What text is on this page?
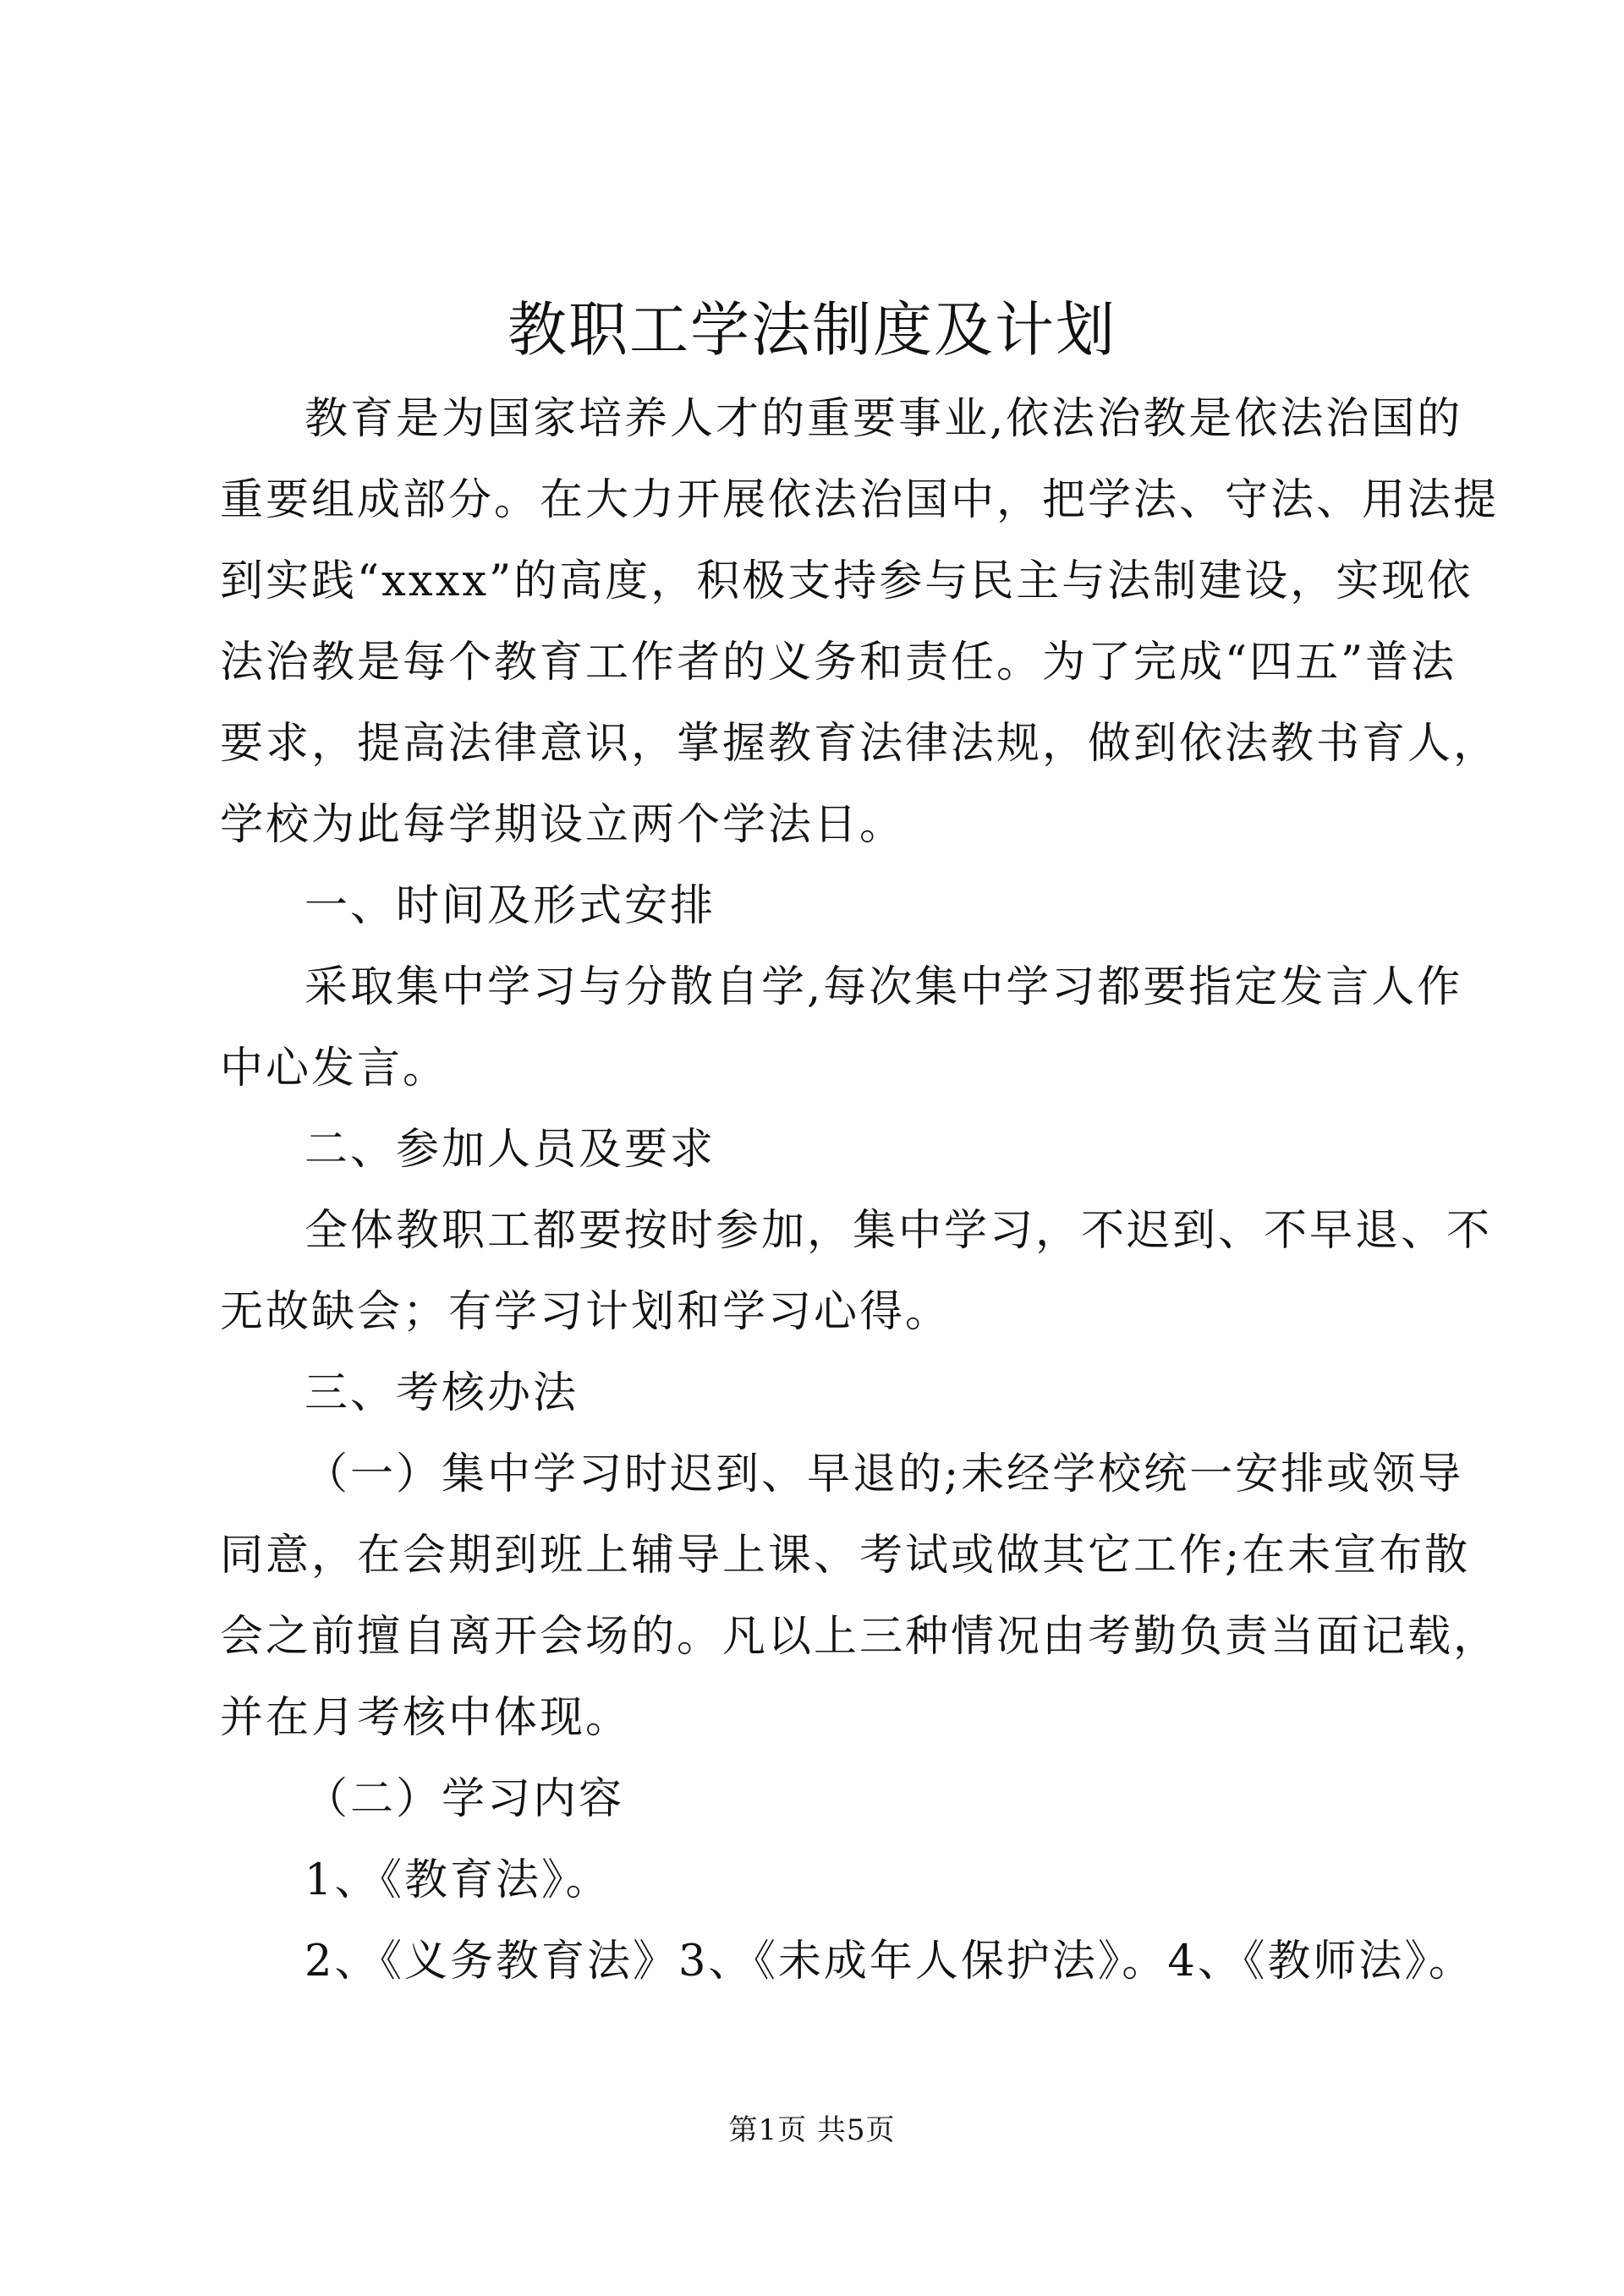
教职工学法制度及计划
教育是为国家培养人才的重要事业,依法治教是依法治国的
重要组成部分。在大力开展依法治国中，把学法、守法、用法提
到实践“xxxx”的高度，积极支持参与民主与法制建设，实现依
法治教是每个教育工作者的义务和责任。为了完成“四五”普法
要求，提高法律意识，掌握教育法律法规，做到依法教书育人，
学校为此每学期设立两个学法日。
一、时间及形式安排
采取集中学习与分散自学,每次集中学习都要指定发言人作
中心发言。
二、参加人员及要求
全体教职工都要按时参加，集中学习，不迟到、不早退、不
无故缺会；有学习计划和学习心得。
三、考核办法
（一）集中学习时迟到、早退的;未经学校统一安排或领导
同意，在会期到班上辅导上课、考试或做其它工作;在未宣布散
会之前擅自离开会场的。凡以上三种情况由考勤负责当面记载，
并在月考核中体现。
（二）学习内容
1、《教育法》。
2、《义务教育法》3、《未成年人保护法》。4、《教师法》。
第1页 共5页
